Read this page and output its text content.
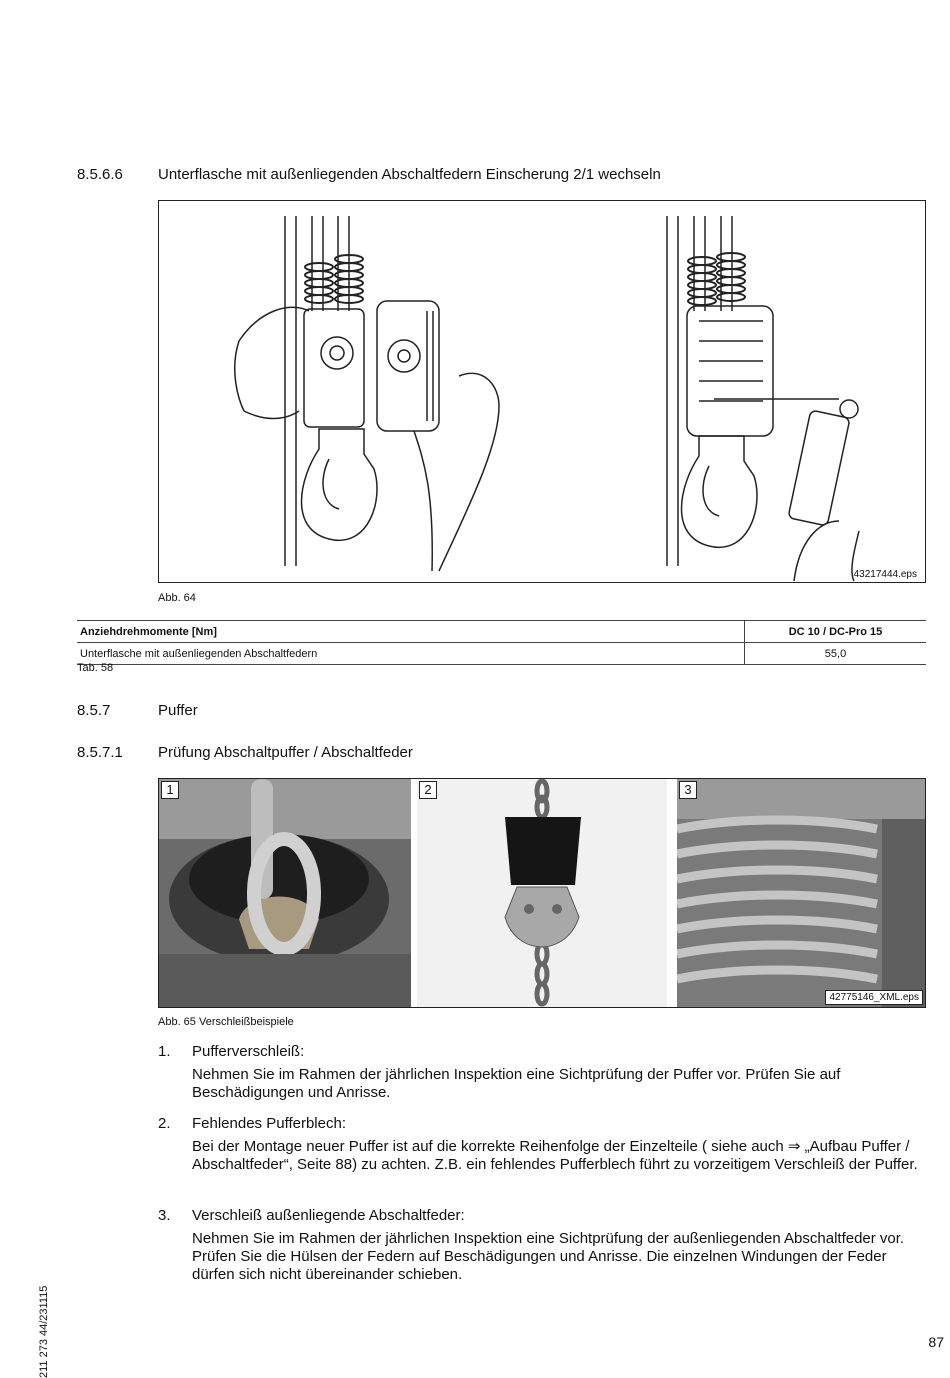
8.5.6.6 Unterflasche mit außenliegenden Abschaltfedern Einscherung 2/1 wechseln
43217444.eps
Abb. 64
Anziehdrehmomente [Nm]	DC 10 / DC-Pro 15
Unterflasche mit außenliegenden Abschaltfedern	55,0
Tab. 58
8.5.7	Puffer
8.5.7.1 Prüfung Abschaltpuffer / Abschaltfeder
1	2	3
42775146_XML.eps
Abb. 65 Verschleißbeispiele
1. Pufferverschleiß:
Nehmen Sie im Rahmen der jährlichen Inspektion eine Sichtprüfung der Puffer vor. Prüfen Sie auf Beschädigungen und Anrisse.
2. Fehlendes Pufferblech:
Bei der Montage neuer Puffer ist auf die korrekte Reihenfolge der Einzelteile ( siehe auch ⇒ „Aufbau Puffer / Abschaltfeder“, Seite 88) zu achten. Z.B. ein fehlendes Pufferblech führt zu vorzeitigem Verschleiß der Puffer.
3. Verschleiß außenliegende Abschaltfeder:
Nehmen Sie im Rahmen der jährlichen Inspektion eine Sichtprüfung der außenliegenden Abschaltfeder vor. Prüfen Sie die Hülsen der Federn auf Beschädigungen und Anrisse. Die einzelnen Windungen der Feder dürfen sich nicht übereinander schieben.
211 273 44/231115	87
